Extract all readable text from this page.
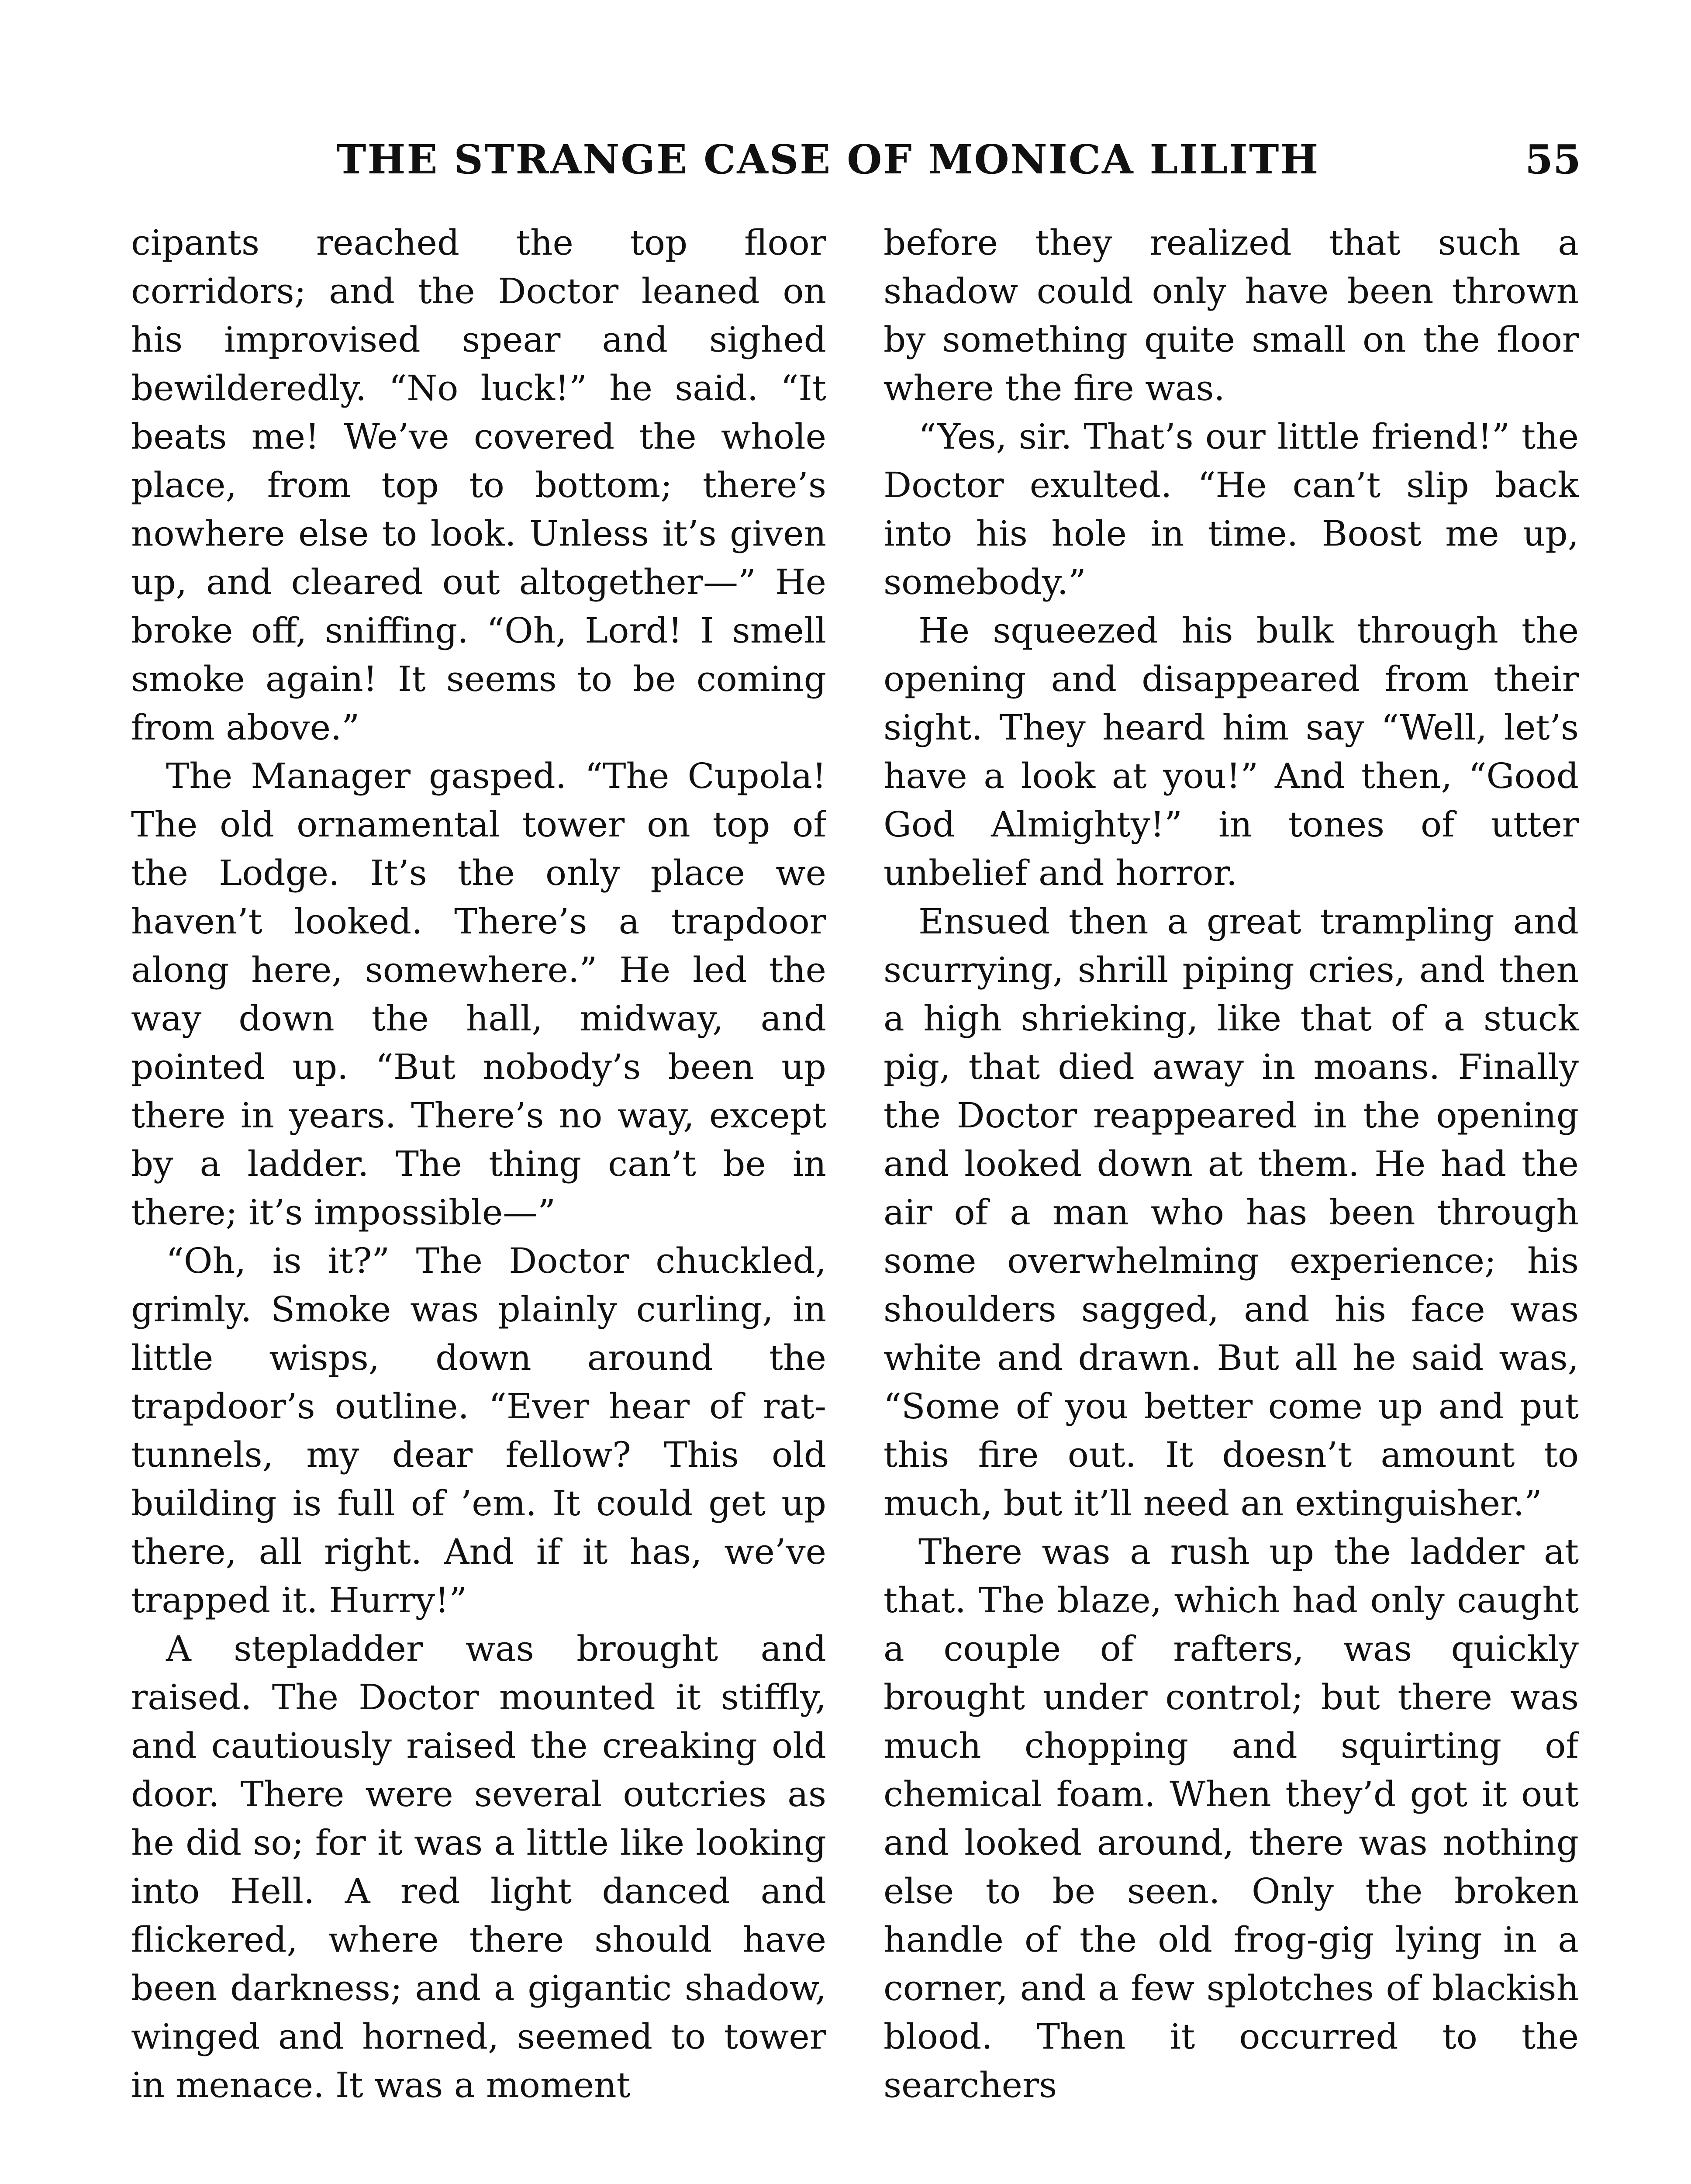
THE STRANGE CASE OF MONICA LILITH	55

cipants reached the top floor corridors; and the Doctor leaned on his improvised spear and sighed bewilderedly. “No luck!” he said. “It beats me! We’ve covered the whole place, from top to bottom; there’s nowhere else to look. Unless it’s given up, and cleared out altogether—” He broke off, sniffing. “Oh, Lord! I smell smoke again! It seems to be coming from above.”

The Manager gasped. “The Cupola! The old ornamental tower on top of the Lodge. It’s the only place we haven’t looked. There’s a trapdoor along here, somewhere.” He led the way down the hall, midway, and pointed up. “But nobody’s been up there in years. There’s no way, except by a ladder. The thing can’t be in there; it’s impossible—”

“Oh, is it?” The Doctor chuckled, grimly. Smoke was plainly curling, in little wisps, down around the trapdoor’s outline. “Ever hear of rat-tunnels, my dear fellow? This old building is full of ’em. It could get up there, all right. And if it has, we’ve trapped it. Hurry!”

A stepladder was brought and raised. The Doctor mounted it stiffly, and cautiously raised the creaking old door. There were several outcries as he did so; for it was a little like looking into Hell. A red light danced and flickered, where there should have been darkness; and a gigantic shadow, winged and horned, seemed to tower in menace. It was a moment

before they realized that such a shadow could only have been thrown by something quite small on the floor where the fire was.

“Yes, sir. That’s our little friend!” the Doctor exulted. “He can’t slip back into his hole in time. Boost me up, somebody.”

He squeezed his bulk through the opening and disappeared from their sight. They heard him say “Well, let’s have a look at you!” And then, “Good God Almighty!” in tones of utter unbelief and horror.

Ensued then a great trampling and scurrying, shrill piping cries, and then a high shrieking, like that of a stuck pig, that died away in moans. Finally the Doctor reappeared in the opening and looked down at them. He had the air of a man who has been through some overwhelming experience; his shoulders sagged, and his face was white and drawn. But all he said was, “Some of you better come up and put this fire out. It doesn’t amount to much, but it’ll need an extinguisher.”

There was a rush up the ladder at that. The blaze, which had only caught a couple of rafters, was quickly brought under control; but there was much chopping and squirting of chemical foam. When they’d got it out and looked around, there was nothing else to be seen. Only the broken handle of the old frog-gig lying in a corner, and a few splotches of blackish blood. Then it occurred to the searchers
